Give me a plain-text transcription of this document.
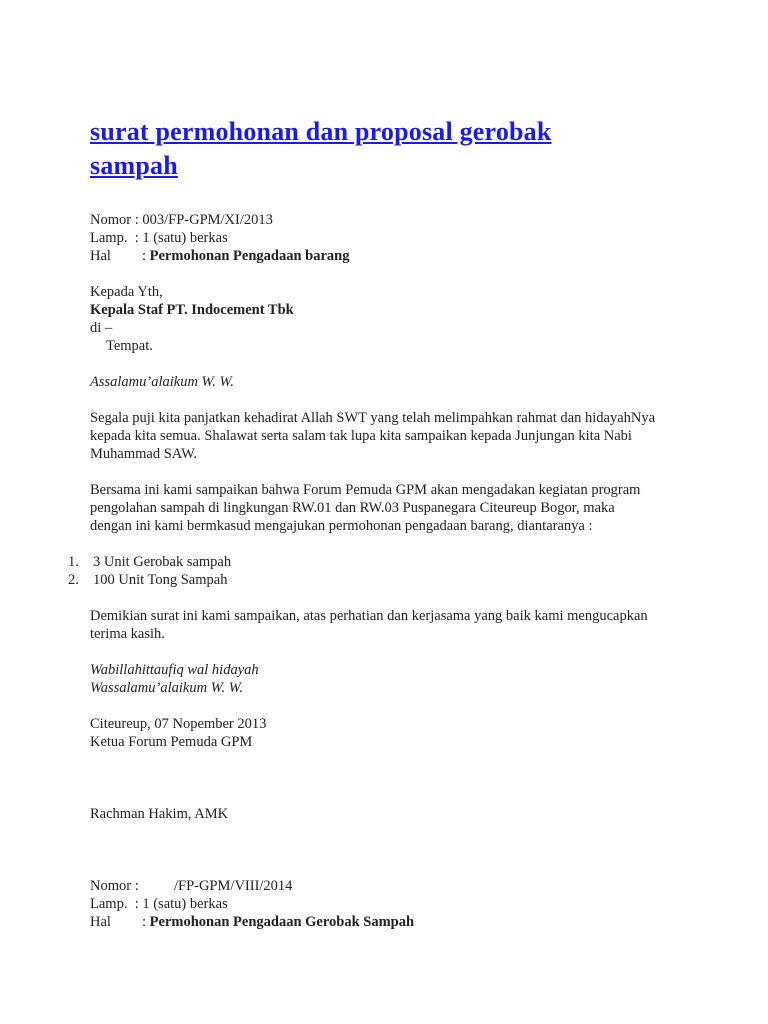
surat permohonan dan proposal gerobak
sampah
Nomor : 003/FP-GPM/XI/2013
Lamp.  : 1 (satu) berkas
Hal	: Permohonan Pengadaan barang
Kepada Yth,
Kepala Staf PT. Indocement Tbk
di –
Tempat.
Assalamu’alaikum W. W.
Segala puji kita panjatkan kehadirat Allah SWT yang telah melimpahkan rahmat dan hidayahNya
kepada kita semua. Shalawat serta salam tak lupa kita sampaikan kepada Junjungan kita Nabi
Muhammad SAW.
Bersama ini kami sampaikan bahwa Forum Pemuda GPM akan mengadakan kegiatan program
pengolahan sampah di lingkungan RW.01 dan RW.03 Puspanegara Citeureup Bogor, maka
dengan ini kami bermkasud mengajukan permohonan pengadaan barang, diantaranya :
1. 3 Unit Gerobak sampah
2. 100 Unit Tong Sampah
Demikian surat ini kami sampaikan, atas perhatian dan kerjasama yang baik kami mengucapkan
terima kasih.
Wabillahittaufiq wal hidayah
Wassalamu’alaikum W. W.
Citeureup, 07 Nopember 2013
Ketua Forum Pemuda GPM
Rachman Hakim, AMK
Nomor :	/FP-GPM/VIII/2014
Lamp.  : 1 (satu) berkas
Hal	: Permohonan Pengadaan Gerobak Sampah
